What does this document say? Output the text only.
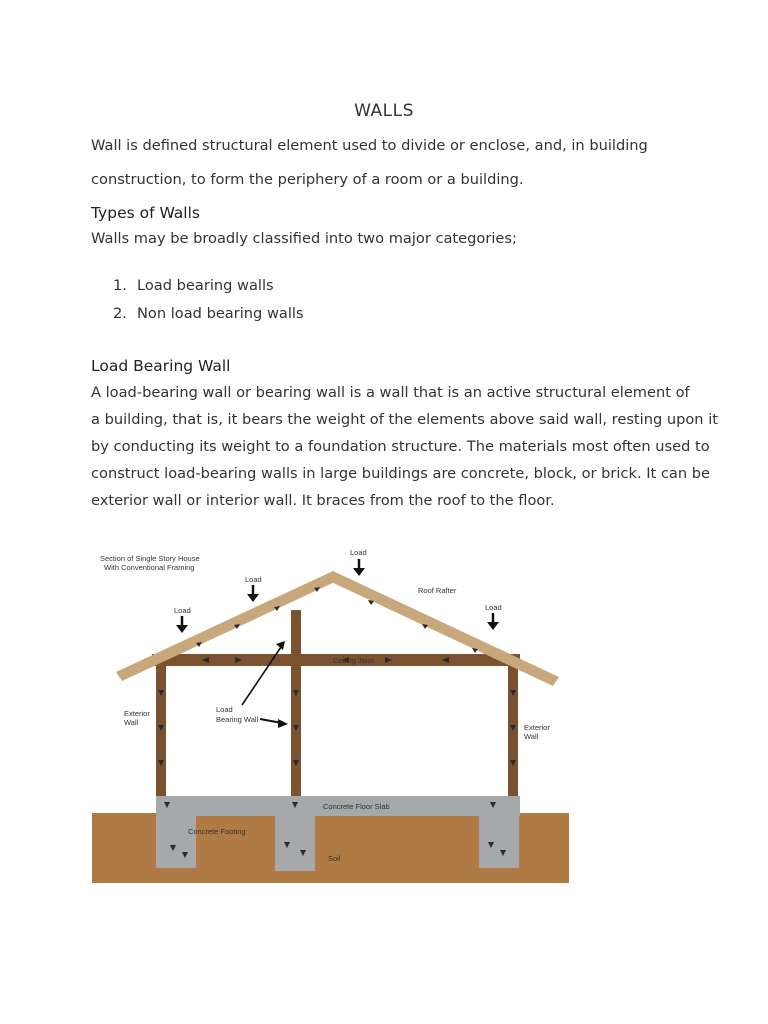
WALLS
Wall is defined structural element used to divide or enclose, and, in building
construction, to form the periphery of a room or a building.
Types of Walls
Walls may be broadly classified into two major categories;
1. Load bearing walls
2. Non load bearing walls
Load Bearing Wall
A load-bearing wall or bearing wall is a wall that is an active structural element of
a building, that is, it bears the weight of the elements above said wall, resting upon it
by conducting its weight to a foundation structure. The materials most often used to
construct load-bearing walls in large buildings are concrete, block, or brick. It can be
exterior wall or interior wall. It braces from the roof to the floor.
Section of Single Story House
With Conventional Framing
Load
Load
Load	Load
Roof Rafter
Ceiling Joist
Load
Bearing Wall
Exterior
Wall
Exterior
Wall
Concrete Floor Slab
Concrete Footing
Soil
